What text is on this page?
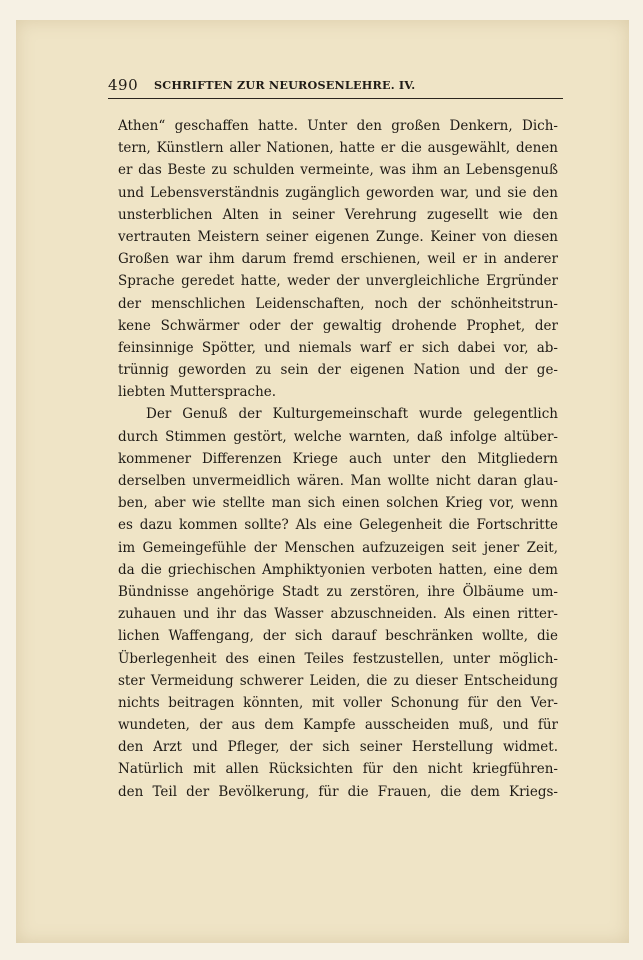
490 SCHRIFTEN ZUR NEUROSENLEHRE. IV.
Athen“ geschaffen hatte. Unter den großen Denkern, Dich-
tern, Künstlern aller Nationen, hatte er die ausgewählt, denen
er das Beste zu schulden vermeinte, was ihm an Lebensgenuß
und Lebensverständnis zugänglich geworden war, und sie den
unsterblichen Alten in seiner Verehrung zugesellt wie den
vertrauten Meistern seiner eigenen Zunge. Keiner von diesen
Großen war ihm darum fremd erschienen, weil er in anderer
Sprache geredet hatte, weder der unvergleichliche Ergründer
der menschlichen Leidenschaften, noch der schönheitstrun-
kene Schwärmer oder der gewaltig drohende Prophet, der
feinsinnige Spötter, und niemals warf er sich dabei vor, ab-
trünnig geworden zu sein der eigenen Nation und der ge-
liebten Muttersprache.
Der Genuß der Kulturgemeinschaft wurde gelegentlich
durch Stimmen gestört, welche warnten, daß infolge altüber-
kommener Differenzen Kriege auch unter den Mitgliedern
derselben unvermeidlich wären. Man wollte nicht daran glau-
ben, aber wie stellte man sich einen solchen Krieg vor, wenn
es dazu kommen sollte? Als eine Gelegenheit die Fortschritte
im Gemeingefühle der Menschen aufzuzeigen seit jener Zeit,
da die griechischen Amphiktyonien verboten hatten, eine dem
Bündnisse angehörige Stadt zu zerstören, ihre Ölbäume um-
zuhauen und ihr das Wasser abzuschneiden. Als einen ritter-
lichen Waffengang, der sich darauf beschränken wollte, die
Überlegenheit des einen Teiles festzustellen, unter möglich-
ster Vermeidung schwerer Leiden, die zu dieser Entscheidung
nichts beitragen könnten, mit voller Schonung für den Ver-
wundeten, der aus dem Kampfe ausscheiden muß, und für
den Arzt und Pfleger, der sich seiner Herstellung widmet.
Natürlich mit allen Rücksichten für den nicht kriegführen-
den Teil der Bevölkerung, für die Frauen, die dem Kriegs-
